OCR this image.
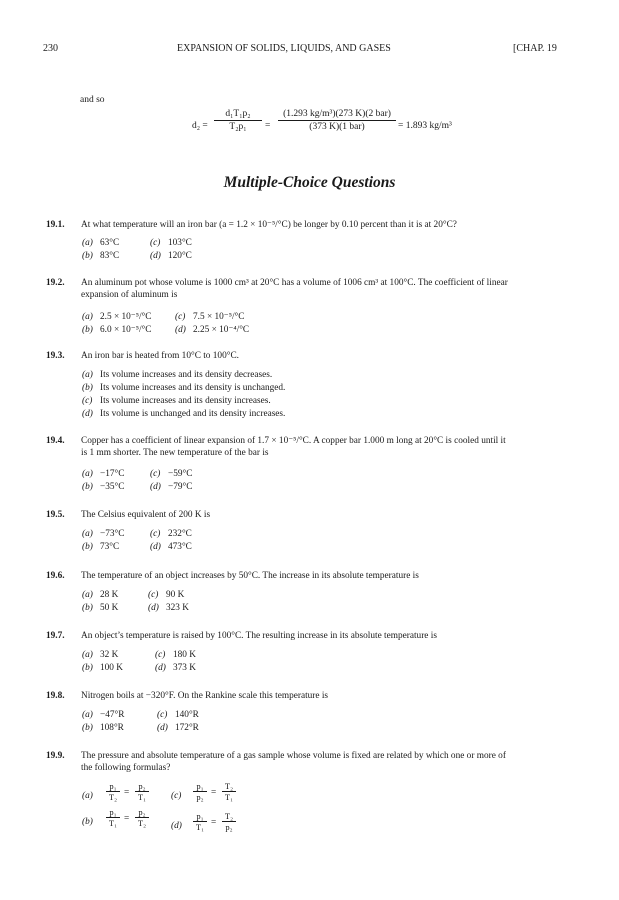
230	EXPANSION OF SOLIDS, LIQUIDS, AND GASES	[CHAP. 19
and so
$d_2 = \frac{\text{d₁T₁p₂}}{\text{T₂p₁}}$ =
(1.293 kg/m³)(273 K)(2 bar)
(373 K)(1 bar)	= 1.893 kg/m³
Multiple-Choice Questions
19.1. At what temperature will an iron bar (a = 1.2 × 10⁻⁵/°C) be longer by 0.10 percent than it is at 20°C?
(a) 63°C	(c) 103°C
(b) 83°C	(d) 120°C
19.2. An aluminum pot whose volume is 1000 cm³ at 20°C has a volume of 1006 cm³ at 100°C. The coefficient of linear
expansion of aluminum is
(a) 2.5 × 10⁻⁵/°C	(c) 7.5 × 10⁻⁵/°C
(b) 6.0 × 10⁻⁵/°C	(d) 2.25 × 10⁻⁴/°C
19.3. An iron bar is heated from 10°C to 100°C.
(a) Its volume increases and its density decreases.
(b) Its volume increases and its density is unchanged.
(c) Its volume increases and its density increases.
(d) Its volume is unchanged and its density increases.
19.4. Copper has a coefficient of linear expansion of 1.7 × 10⁻⁵/°C. A copper bar 1.000 m long at 20°C is cooled until it
is 1 mm shorter. The new temperature of the bar is
(a) −17°C	(c) −59°C
(b) −35°C	(d) −79°C
19.5. The Celsius equivalent of 200 K is
(a) −73°C	(c) 232°C
(b) 73°C	(d) 473°C
19.6. The temperature of an object increases by 50°C. The increase in its absolute temperature is
(a) 28 K	(c) 90 K
(b) 50 K	(d) 323 K
19.7. An object’s temperature is raised by 100°C. The resulting increase in its absolute temperature is
(a) 32 K	(c) 180 K
(b) 100 K	(d) 373 K
19.8. Nitrogen boils at −320°F. On the Rankine scale this temperature is
(a) −47°R	(c) 140°R
(b) 108°R	(d) 172°R
19.9. The pressure and absolute temperature of a gas sample whose volume is fixed are related by which one or more of
the following formulas?
$(a) \frac{\text{p₁}}{\text{T₂}} = \frac{\text{p₂}}{\text{T₁}} (c) \frac{\text{p₁}}{\text{p₂}} = \frac{\text{T₂}}{\text{T₁}}$
$(b) \frac{\text{p₁}}{\text{T₁}} = \frac{\text{p₂}}{\text{T₂}} (d) \frac{\text{p₁}}{\text{T₁}} = \frac{\text{T₂}}{\text{p₂}}$
